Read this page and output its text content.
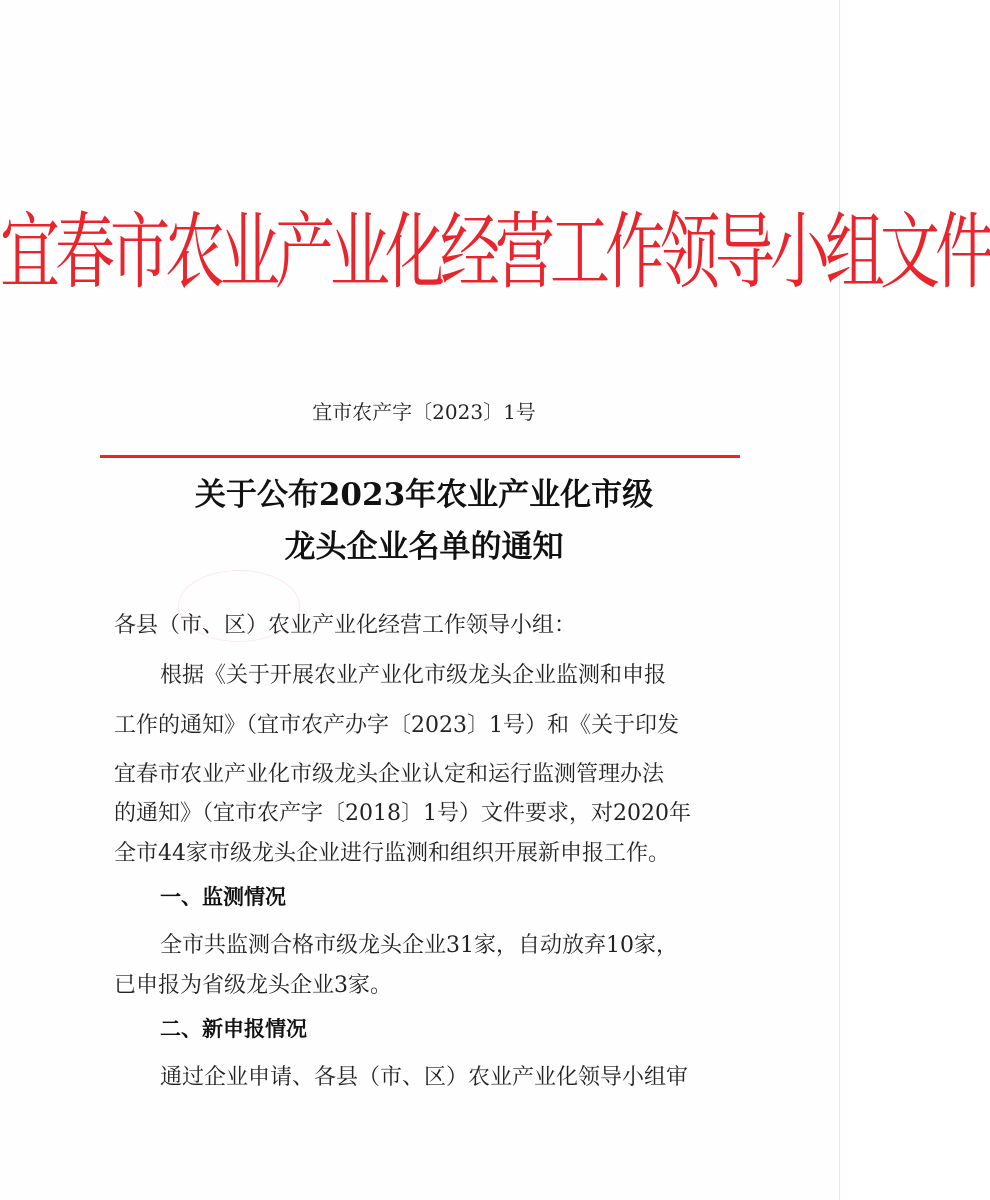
宜春市农业产业化经营工作领导小组文件
宜市农产字〔2023〕1号
关于公布2023年农业产业化市级
龙头企业名单的通知
各县（市、区）农业产业化经营工作领导小组：
根据《关于开展农业产业化市级龙头企业监测和申报
工作的通知》（宜市农产办字〔2023〕1号）和《关于印发
宜春市农业产业化市级龙头企业认定和运行监测管理办法
的通知》（宜市农产字〔2018〕1号）文件要求，对2020年
全市44家市级龙头企业进行监测和组织开展新申报工作。
一、监测情况
全市共监测合格市级龙头企业31家，自动放弃10家，
已申报为省级龙头企业3家。
二、新申报情况
通过企业申请、各县（市、区）农业产业化领导小组审
